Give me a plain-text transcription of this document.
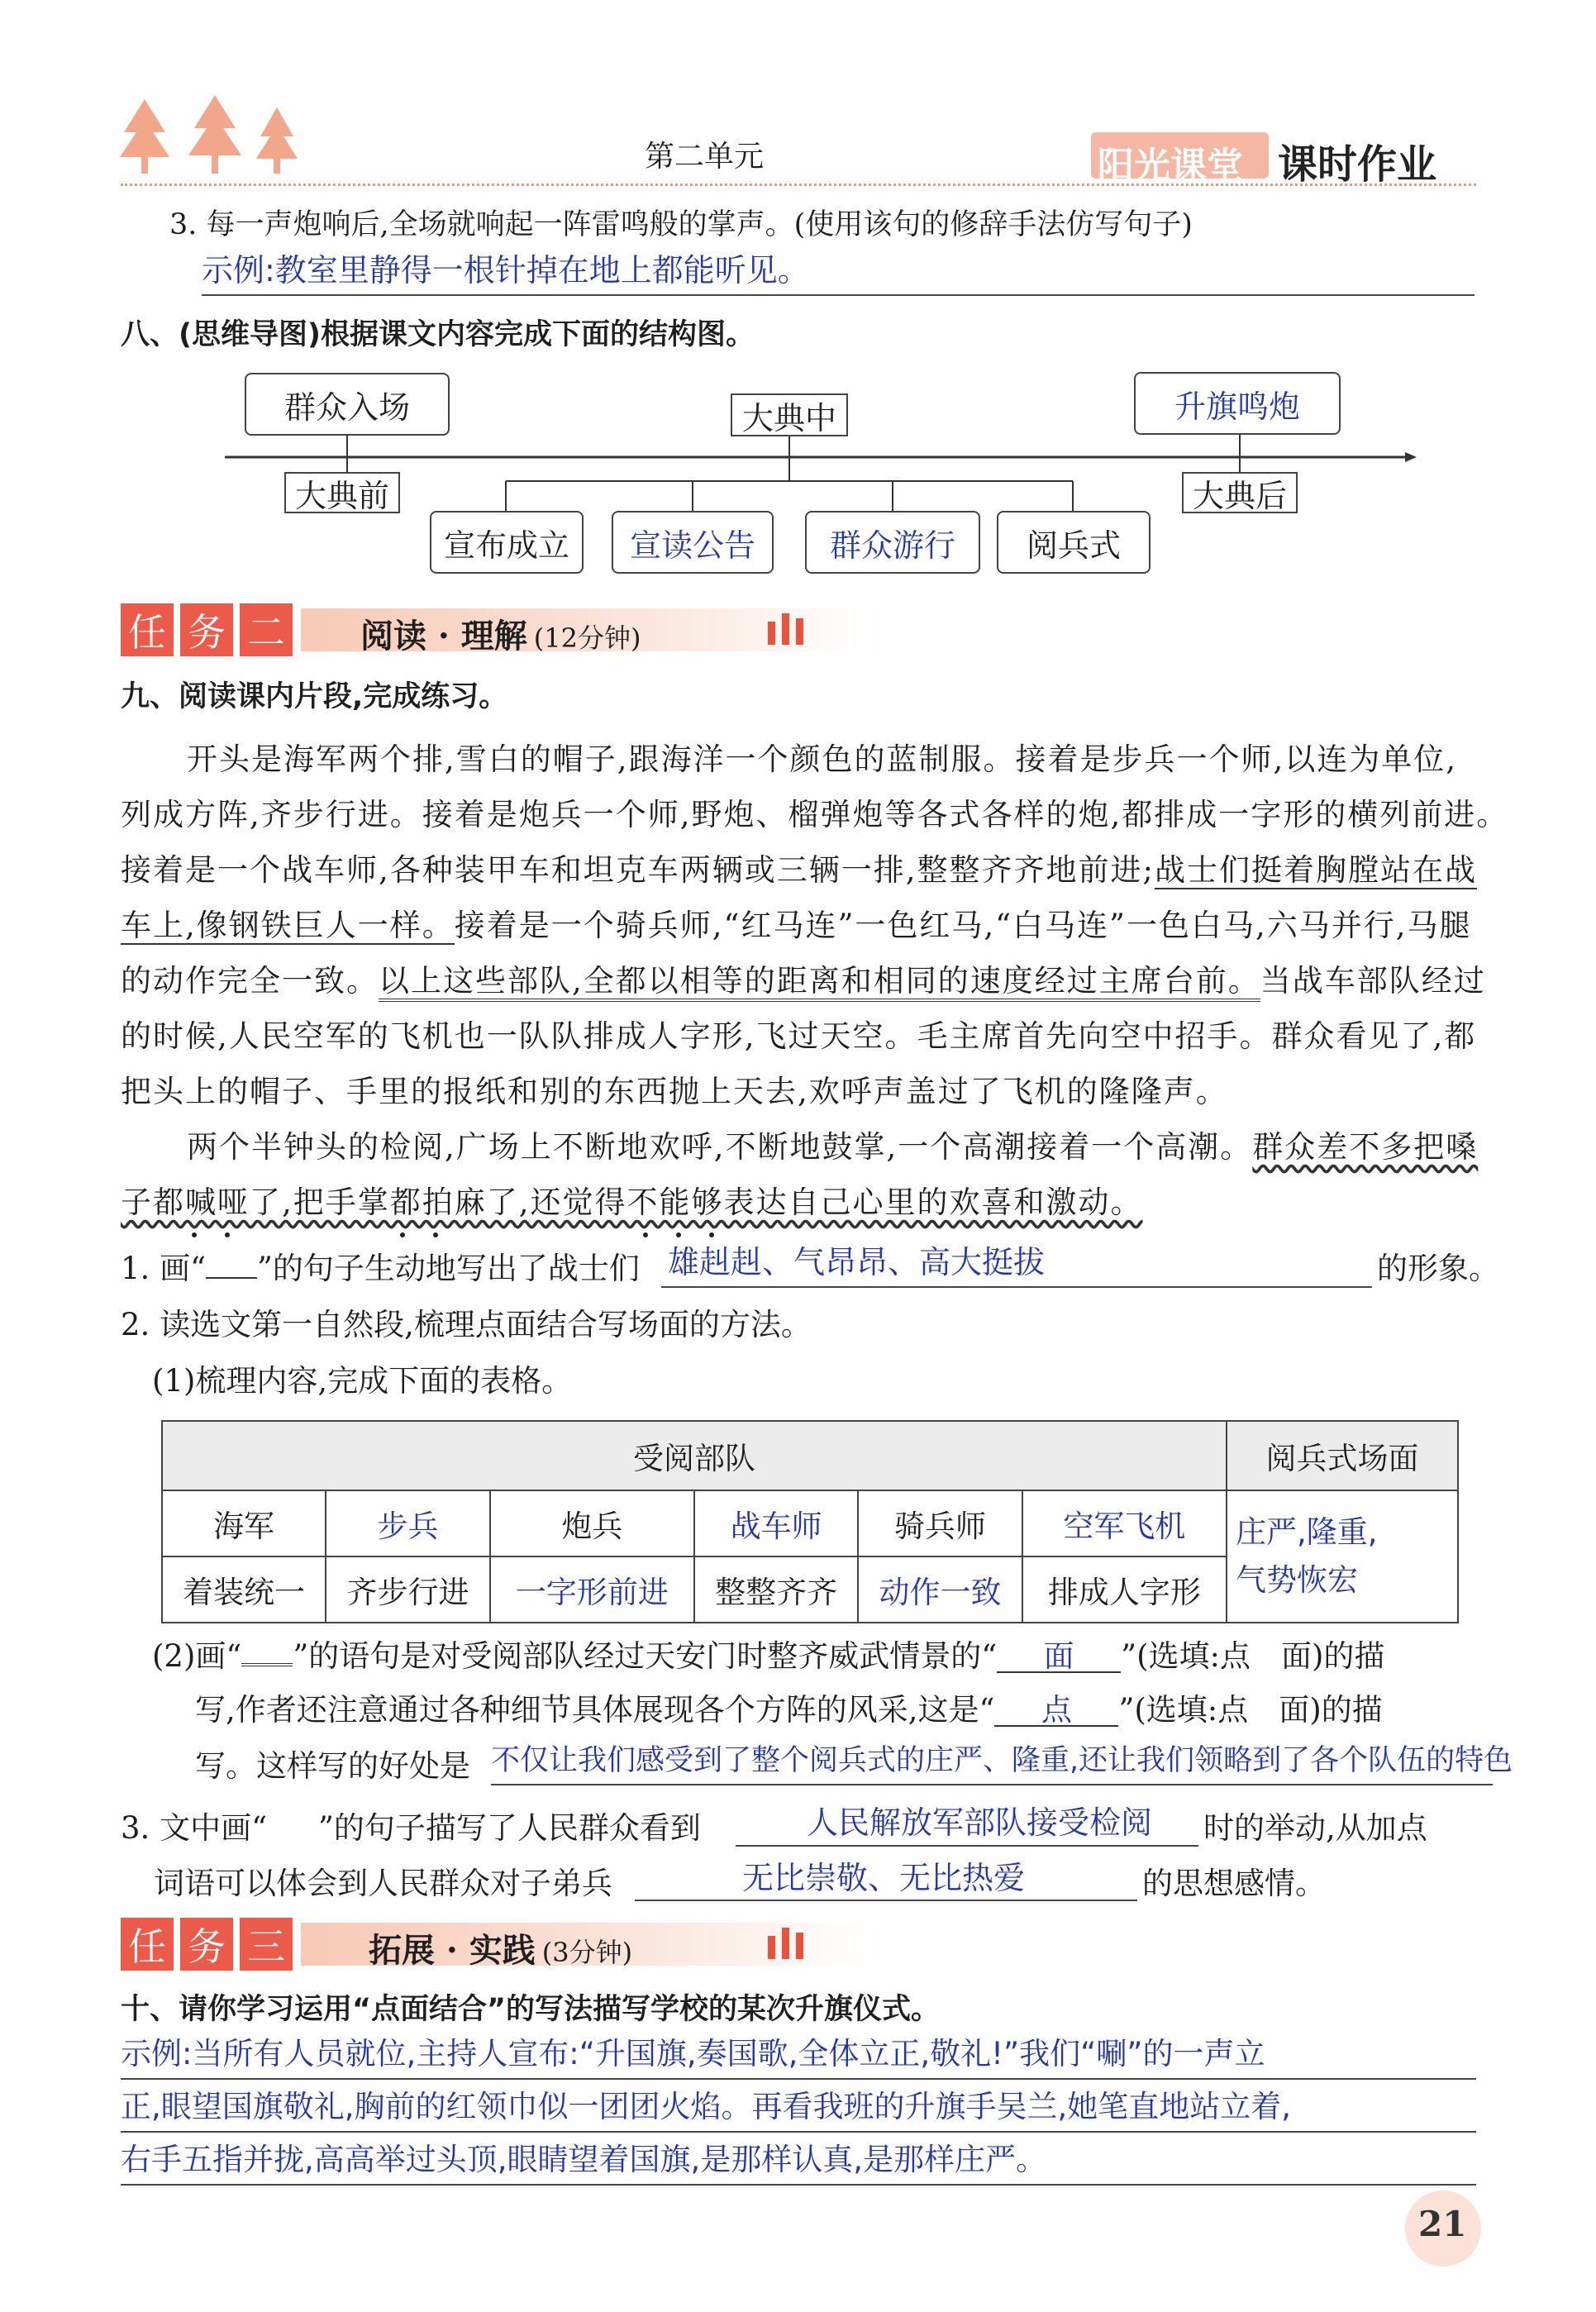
第二单元	阳光课堂 课时作业
3. 每一声炮响后,全场就响起一阵雷鸣般的掌声。(使用该句的修辞手法仿写句子)
示例:教室里静得一根针掉在地上都能听见。
八、(思维导图)根据课文内容完成下面的结构图。
群众入场	大典中	升旗鸣炮
大典前	大典后
宣布成立	宣读公告	群众游行	阅兵式
任 务 二 阅读 · 理解 (12分钟)
九、阅读课内片段,完成练习。
开头是海军两个排,雪白的帽子,跟海洋一个颜色的蓝制服。接着是步兵一个师,以连为单位,
列成方阵,齐步行进。接着是炮兵一个师,野炮、榴弹炮等各式各样的炮,都排成一字形的横列前进。
接着是一个战车师,各种装甲车和坦克车两辆或三辆一排,整整齐齐地前进;战士们挺着胸膛站在战
车上,像钢铁巨人一样。接着是一个骑兵师,“红马连”一色红马,“白马连”一色白马,六马并行,马腿
的动作完全一致。以上这些部队,全都以相等的距离和相同的速度经过主席台前。当战车部队经过
的时候,人民空军的飞机也一队队排成人字形,飞过天空。毛主席首先向空中招手。群众看见了,都
把头上的帽子、手里的报纸和别的东西抛上天去,欢呼声盖过了飞机的隆隆声。
两个半钟头的检阅,广场上不断地欢呼,不断地鼓掌,一个高潮接着一个高潮。群众差不多把嗓
子都喊哑了,把手掌都拍麻了,还觉得不能够表达自己心里的欢喜和激动。
1. 画“ ”的句子生动地写出了战士们 雄赳赳、气昂昂、高大挺拔	的形象。
2. 读选文第一自然段,梳理点面结合写场面的方法。
(1)梳理内容,完成下面的表格。
受阅部队						阅兵式场面
海军	步兵	炮兵	战车师	骑兵师	空军飞机	庄严,隆重,
气势恢宏

着装统一	齐步行进	一字形前进	整整齐齐	动作一致	排成人字形	
(2)画“ ”的语句是对受阅部队经过天安门时整齐威武情景的“ 面 ”(选填:点　面)的描
写,作者还注意通过各种细节具体展现各个方阵的风采,这是“ 点 ”(选填:点　面)的描
写。这样写的好处是 不仅让我们感受到了整个阅兵式的庄严、隆重,还让我们领略到了各个队伍的特色
3. 文中画“ ”的句子描写了人民群众看到	人民解放军部队接受检阅 时的举动,从加点
词语可以体会到人民群众对子弟兵	无比崇敬、无比热爱	的思想感情。
任 务 三	拓展 · 实践 (3分钟)
十、请你学习运用“点面结合”的写法描写学校的某次升旗仪式。
示例:当所有人员就位,主持人宣布:“升国旗,奏国歌,全体立正,敬礼!”我们“唰”的一声立
正,眼望国旗敬礼,胸前的红领巾似一团团火焰。再看我班的升旗手吴兰,她笔直地站立着,
右手五指并拢,高高举过头顶,眼睛望着国旗,是那样认真,是那样庄严。
21
